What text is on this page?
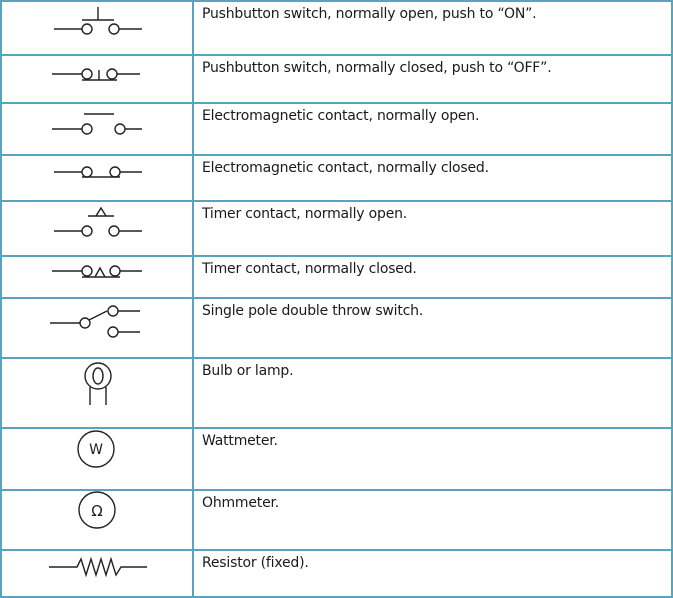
	Pushbutton switch, normally open, push to “ON”.

	Pushbutton switch, normally closed, push to “OFF”.

	Electromagnetic contact, normally open.

	Electromagnetic contact, normally closed.

	Timer contact, normally open.

	Timer contact, normally closed.

	Single pole double throw switch.

	Bulb or lamp.

W	Wattmeter.

Ω	Ohmmeter.

	Resistor (fixed).
